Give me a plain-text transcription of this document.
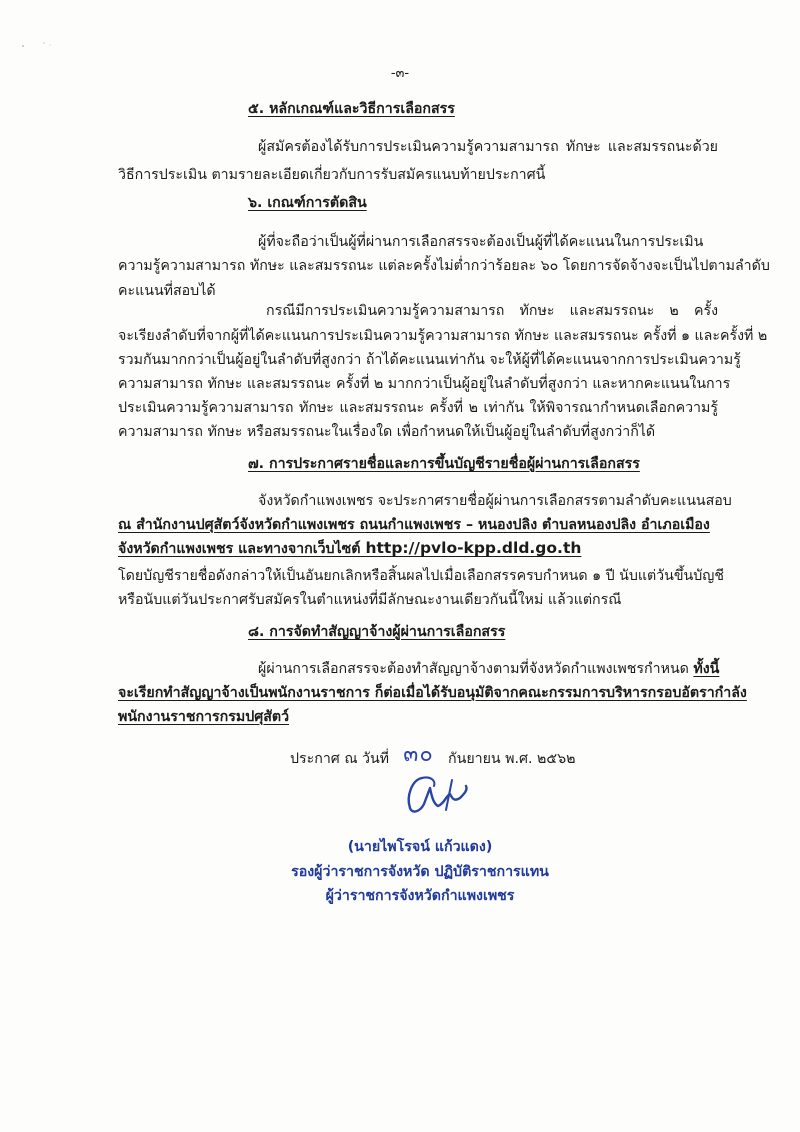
-๓-

๕. หลักเกณฑ์และวิธีการเลือกสรร

ผู้สมัครต้องได้รับการประเมินความรู้ความสามารถ ทักษะ และสมรรถนะด้วย

วิธีการประเมิน ตามรายละเอียดเกี่ยวกับการรับสมัครแนบท้ายประกาศนี้

๖. เกณฑ์การตัดสิน

ผู้ที่จะถือว่าเป็นผู้ที่ผ่านการเลือกสรรจะต้องเป็นผู้ที่ได้คะแนนในการประเมิน

ความรู้ความสามารถ ทักษะ และสมรรถนะ แต่ละครั้งไม่ต่ำกว่าร้อยละ ๖๐ โดยการจัดจ้างจะเป็นไปตามลำดับ

คะแนนที่สอบได้

กรณีมีการประเมินความรู้ความสามารถ ทักษะ และสมรรถนะ ๒ ครั้ง

จะเรียงลำดับที่จากผู้ที่ได้คะแนนการประเมินความรู้ความสามารถ ทักษะ และสมรรถนะ ครั้งที่ ๑ และครั้งที่ ๒

รวมกันมากกว่าเป็นผู้อยู่ในลำดับที่สูงกว่า ถ้าได้คะแนนเท่ากัน จะให้ผู้ที่ได้คะแนนจากการประเมินความรู้

ความสามารถ ทักษะ และสมรรถนะ ครั้งที่ ๒ มากกว่าเป็นผู้อยู่ในลำดับที่สูงกว่า และหากคะแนนในการ

ประเมินความรู้ความสามารถ ทักษะ และสมรรถนะ ครั้งที่ ๒ เท่ากัน ให้พิจารณากำหนดเลือกความรู้

ความสามารถ ทักษะ หรือสมรรถนะในเรื่องใด เพื่อกำหนดให้เป็นผู้อยู่ในลำดับที่สูงกว่าก็ได้

๗. การประกาศรายชื่อและการขึ้นบัญชีรายชื่อผู้ผ่านการเลือกสรร

จังหวัดกำแพงเพชร จะประกาศรายชื่อผู้ผ่านการเลือกสรรตามลำดับคะแนนสอบ

ณ สำนักงานปศุสัตว์จังหวัดกำแพงเพชร ถนนกำแพงเพชร – หนองปลิง ตำบลหนองปลิง อำเภอเมือง

จังหวัดกำแพงเพชร และทางจากเว็บไซต์ http://pvlo-kpp.dld.go.th

โดยบัญชีรายชื่อดังกล่าวให้เป็นอันยกเลิกหรือสิ้นผลไปเมื่อเลือกสรรครบกำหนด ๑ ปี นับแต่วันขึ้นบัญชี

หรือนับแต่วันประกาศรับสมัครในตำแหน่งที่มีลักษณะงานเดียวกันนี้ใหม่ แล้วแต่กรณี

๘. การจัดทำสัญญาจ้างผู้ผ่านการเลือกสรร

ผู้ผ่านการเลือกสรรจะต้องทำสัญญาจ้างตามที่จังหวัดกำแพงเพชรกำหนด ทั้งนี้

จะเรียกทำสัญญาจ้างเป็นพนักงานราชการ ก็ต่อเมื่อได้รับอนุมัติจากคณะกรรมการบริหารกรอบอัตรากำลัง

พนักงานราชการกรมปศุสัตว์

ประกาศ ณ วันที่ ๓๐ กันยายน พ.ศ. ๒๕๖๒

(นายไพโรจน์ แก้วแดง)

รองผู้ว่าราชการจังหวัด ปฏิบัติราชการแทน

ผู้ว่าราชการจังหวัดกำแพงเพชร
